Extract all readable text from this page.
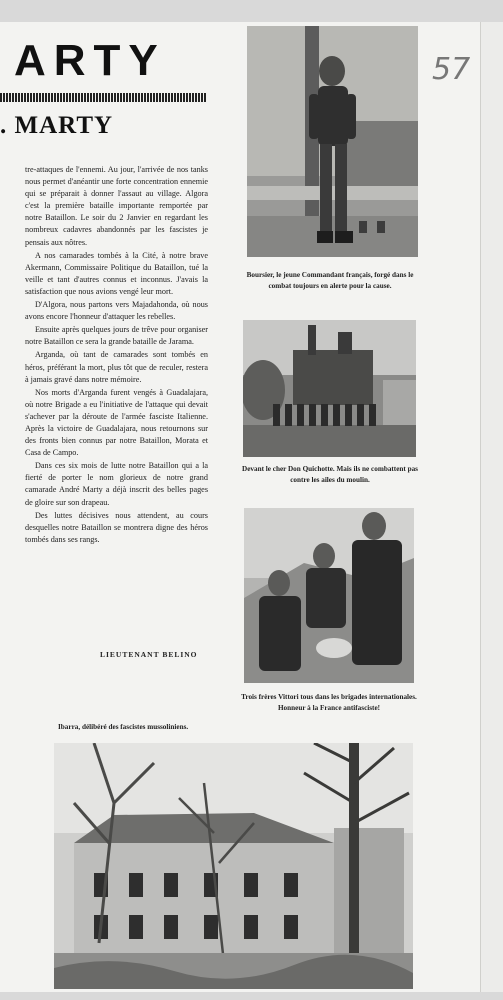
ARTY
. MARTY
57

tre-attaques de l'ennemi. Au jour, l'arrivée de nos tanks nous permet d'anéantir une forte concentration ennemie qui se préparait à donner l'assaut au village. Algora c'est la première bataille importante remportée par notre Bataillon. Le soir du 2 Janvier en regardant les nombreux cadavres abandonnés par les fascistes je pensais aux nôtres.

A nos camarades tombés à la Cité, à notre brave Akermann, Commissaire Politique du Bataillon, tué la veille et tant d'autres connus et inconnus. J'avais la satisfaction que nous avions vengé leur mort.

D'Algora, nous partons vers Majadahonda, où nous avons encore l'honneur d'attaquer les rebelles.

Ensuite après quelques jours de trêve pour organiser notre Bataillon ce sera la grande bataille de Jarama.

Arganda, où tant de camarades sont tombés en héros, préférant la mort, plus tôt que de reculer, restera à jamais gravé dans notre mémoire.

Nos morts d'Arganda furent vengés à Guadalajara, où notre Brigade a eu l'initiative de l'attaque qui devait s'achever par la déroute de l'armée fasciste Italienne. Après la victoire de Guadalajara, nous retournons sur des fronts bien connus par notre Bataillon, Morata et Casa de Campo.

Dans ces six mois de lutte notre Bataillon qui a la fierté de porter le nom glorieux de notre grand camarade André Marty a déjà inscrit des belles pages de gloire sur son drapeau.

Des luttes décisives nous attendent, au cours desquelles notre Bataillon se montrera digne des héros tombés dans ses rangs.

LIEUTENANT BELINO
Boursier, le jeune Commandant français, forgé dans le combat toujours en alerte pour la cause.
Devant le cher Don Quichotte. Mais ils ne combattent pas contre les ailes du moulin.
Trois frères Vittori tous dans les brigades internationales. Honneur à la France antifasciste!
Ibarra, délibéré des fascistes mussoliniens.
